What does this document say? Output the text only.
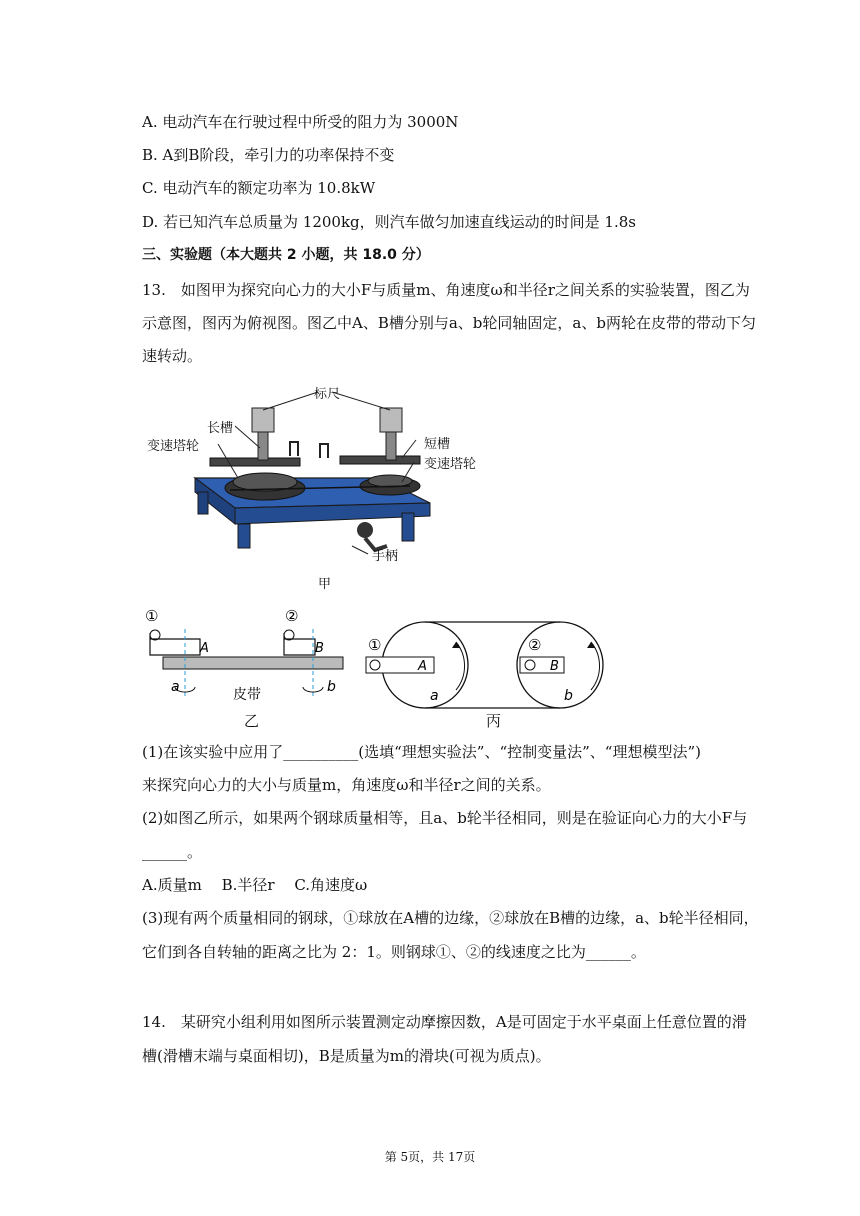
A. 电动汽车在行驶过程中所受的阻力为 3000N
B. A到B阶段，牵引力的功率保持不变
C. 电动汽车的额定功率为 10.8kW
D. 若已知汽车总质量为 1200kg，则汽车做匀加速直线运动的时间是 1.8s
三、实验题（本大题共 2 小题，共 18.0 分）
13.　如图甲为探究向心力的大小F与质量m、角速度ω和半径r之间关系的实验装置，图乙为
示意图，图丙为俯视图。图乙中A、B槽分别与a、b轮同轴固定，a、b两轮在皮带的带动下匀
速转动。
标尺
长槽
变速塔轮	短槽
变速塔轮
手柄
甲
①	②
A	B
a	b
皮带
乙
A
①
B
②
a	b
丙
(1)在该实验中应用了__________(选填“理想实验法”、“控制变量法”、“理想模型法”)
来探究向心力的大小与质量m，角速度ω和半径r之间的关系。
(2)如图乙所示，如果两个钢球质量相等，且a、b轮半径相同，则是在验证向心力的大小F与
______。
A.质量m　 B.半径r　 C.角速度ω
(3)现有两个质量相同的钢球，①球放在A槽的边缘，②球放在B槽的边缘，a、b轮半径相同，
它们到各自转轴的距离之比为 2：1。则钢球①、②的线速度之比为______。
14.　某研究小组利用如图所示装置测定动摩擦因数，A是可固定于水平桌面上任意位置的滑
槽(滑槽末端与桌面相切)，B是质量为m的滑块(可视为质点)。
第 5页，共 17页
